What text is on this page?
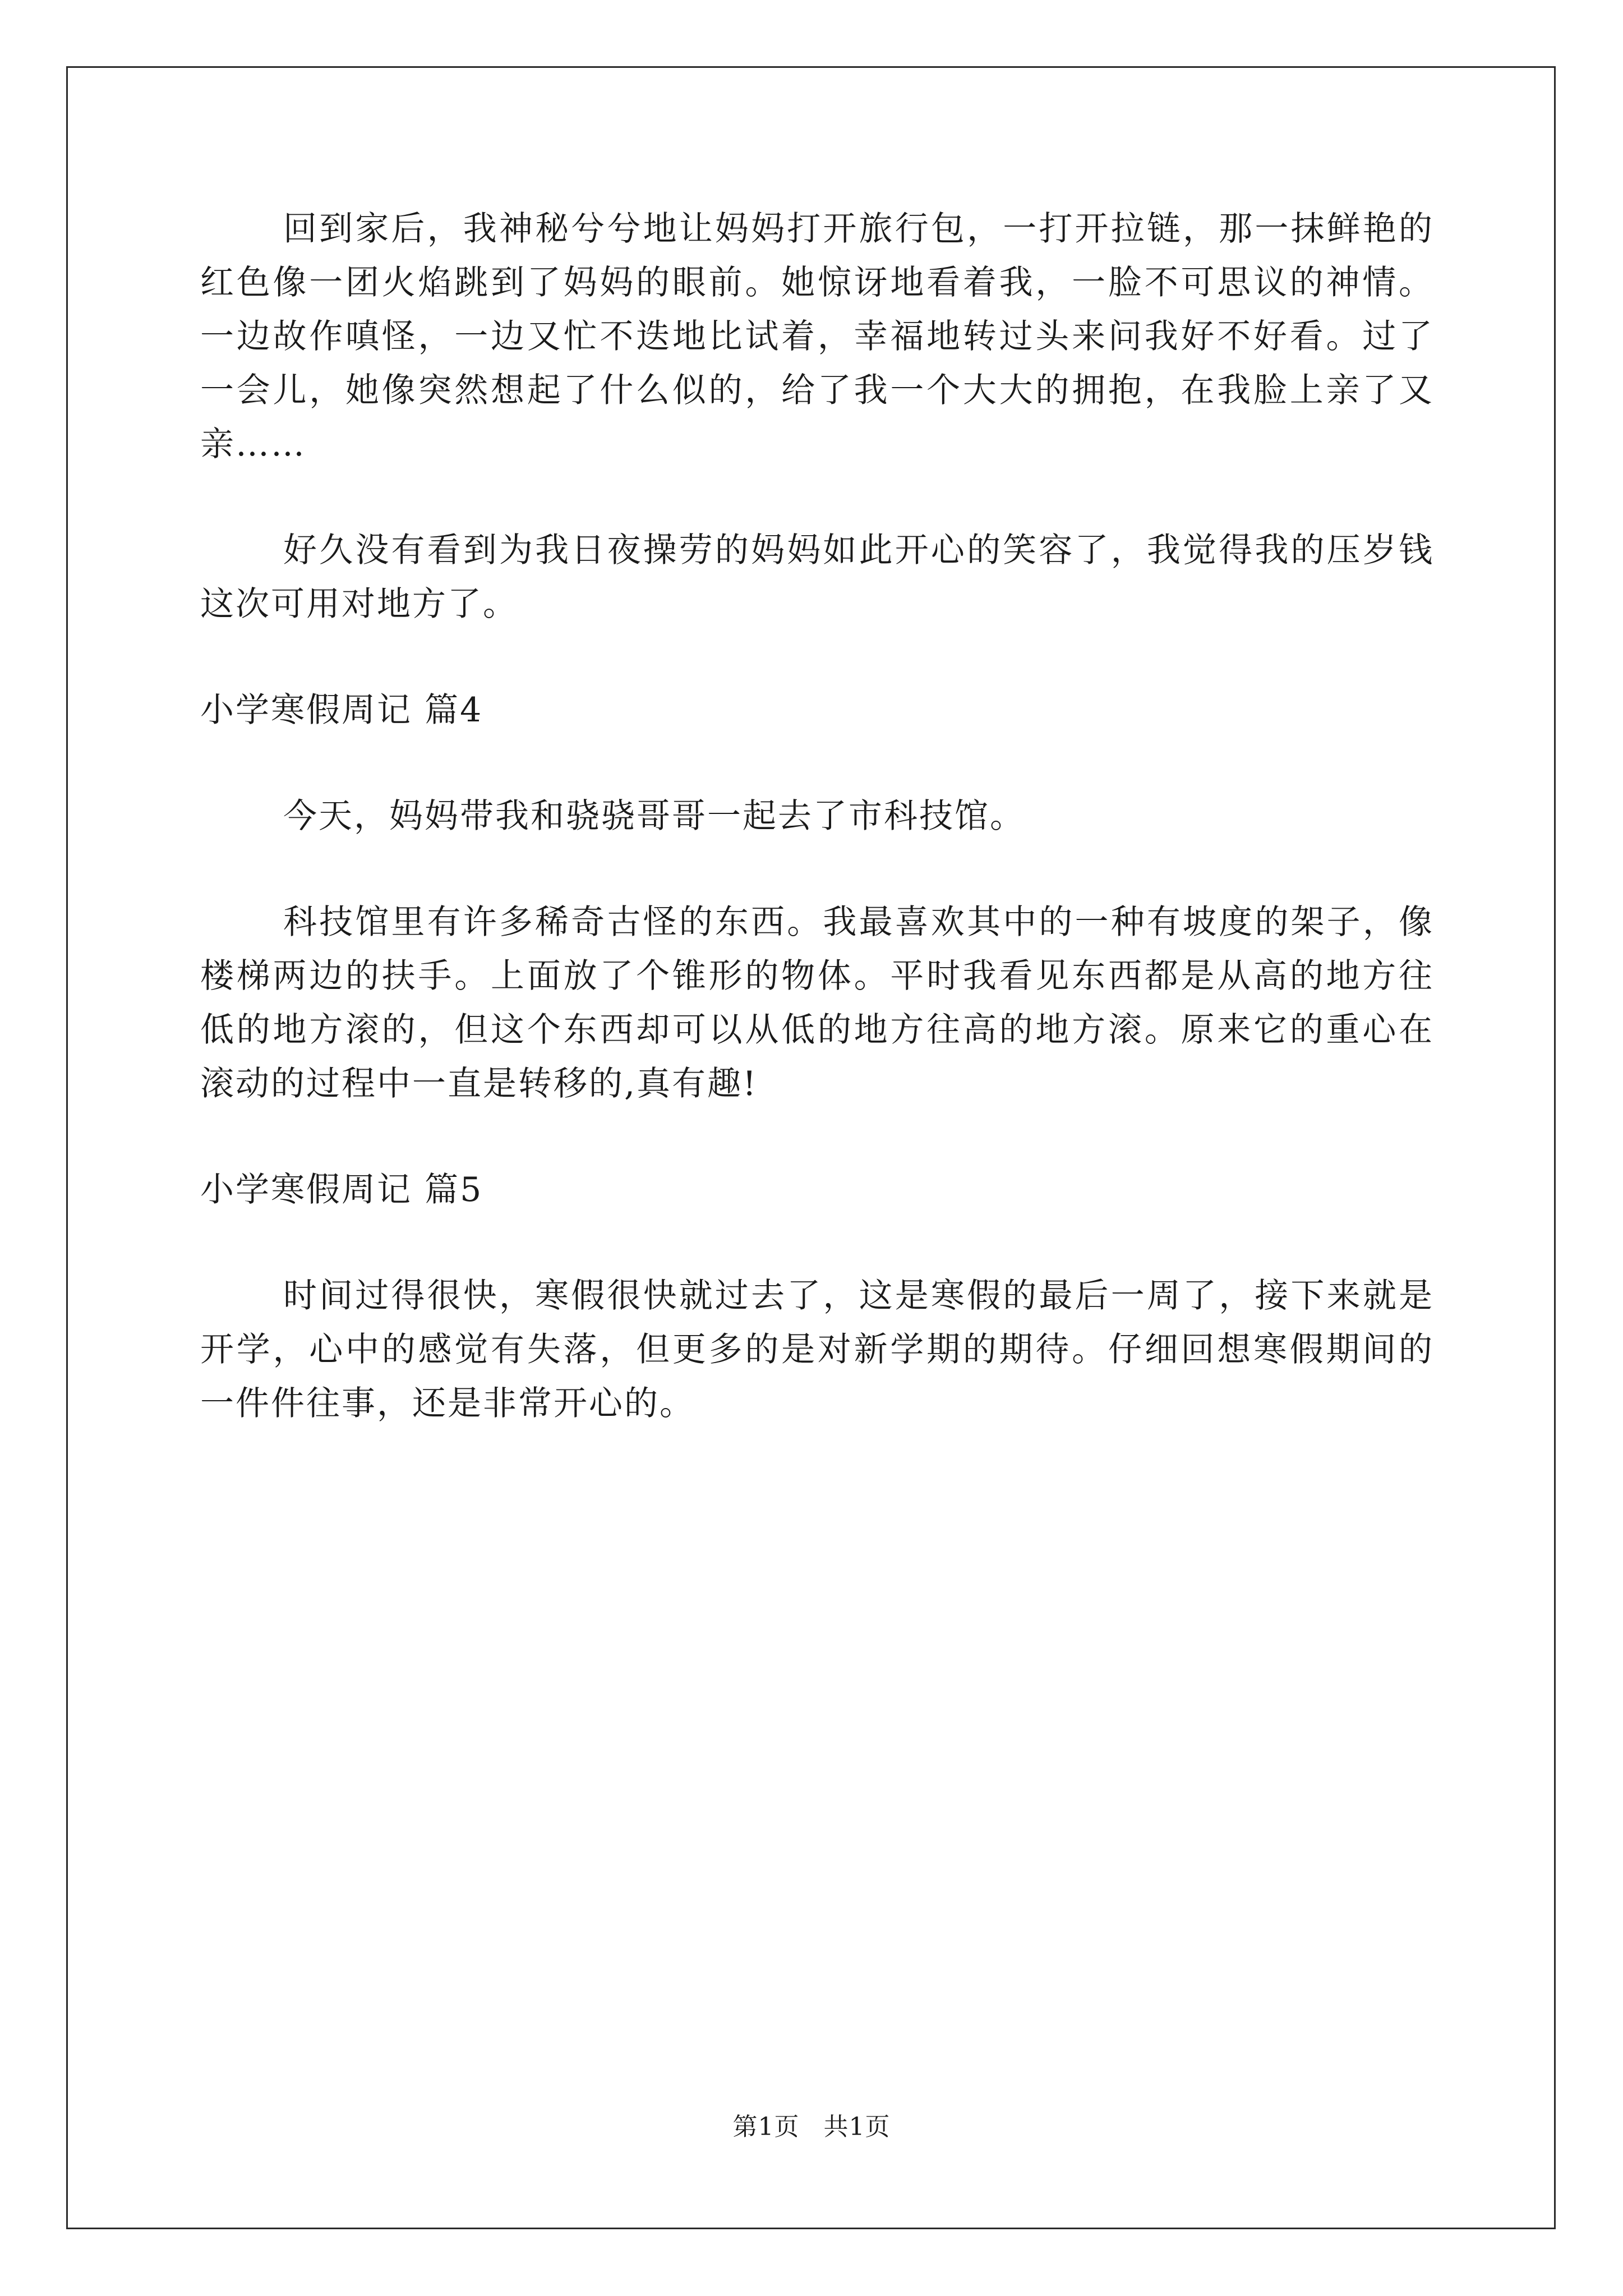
回到家后，我神秘兮兮地让妈妈打开旅行包，一打开拉链，那一抹鲜艳的红色像一团火焰跳到了妈妈的眼前。她惊讶地看着我，一脸不可思议的神情。一边故作嗔怪，一边又忙不迭地比试着，幸福地转过头来问我好不好看。过了一会儿，她像突然想起了什么似的，给了我一个大大的拥抱，在我脸上亲了又亲……

好久没有看到为我日夜操劳的妈妈如此开心的笑容了，我觉得我的压岁钱这次可用对地方了。

小学寒假周记 篇4

今天，妈妈带我和骁骁哥哥一起去了市科技馆。

科技馆里有许多稀奇古怪的东西。我最喜欢其中的一种有坡度的架子，像楼梯两边的扶手。上面放了个锥形的物体。平时我看见东西都是从高的地方往低的地方滚的，但这个东西却可以从低的地方往高的地方滚。原来它的重心在滚动的过程中一直是转移的,真有趣!

小学寒假周记 篇5

时间过得很快，寒假很快就过去了，这是寒假的最后一周了，接下来就是开学，心中的感觉有失落，但更多的是对新学期的期待。仔细回想寒假期间的一件件往事，还是非常开心的。

第1页 共1页
